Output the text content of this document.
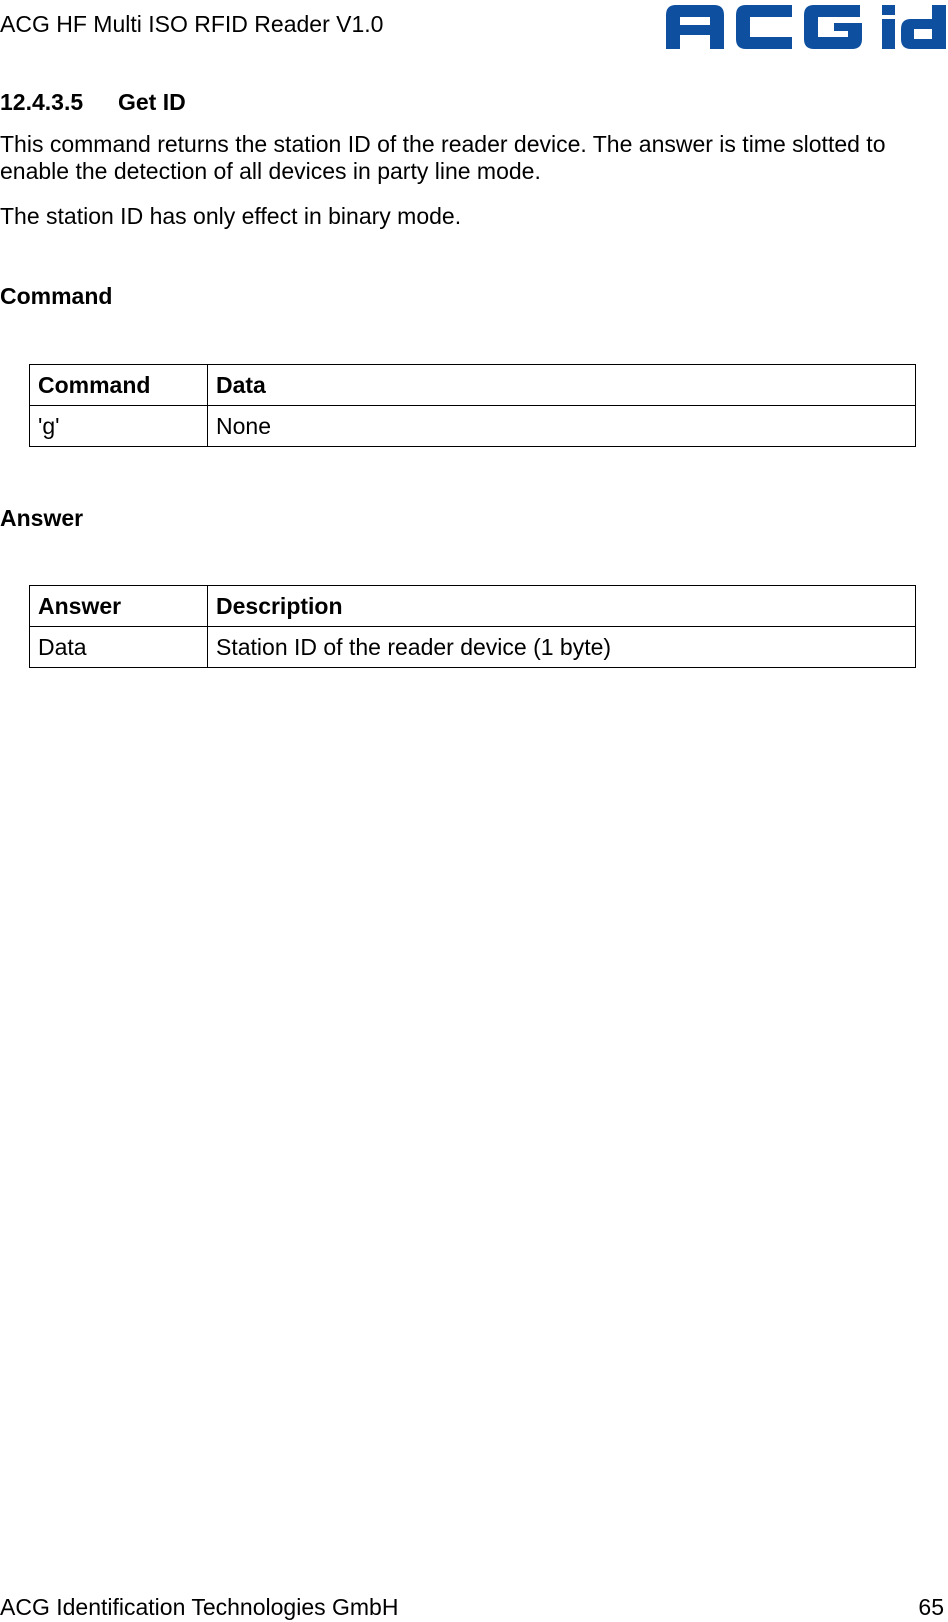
ACG HF Multi ISO RFID Reader V1.0
12.4.3.5 Get ID
This command returns the station ID of the reader device. The answer is time slotted to enable the detection of all devices in party line mode.
The station ID has only effect in binary mode.
Command
Command	Data
'g'	None
Answer
Answer	Description
Data	Station ID of the reader device (1 byte)
ACG Identification Technologies GmbH	65
